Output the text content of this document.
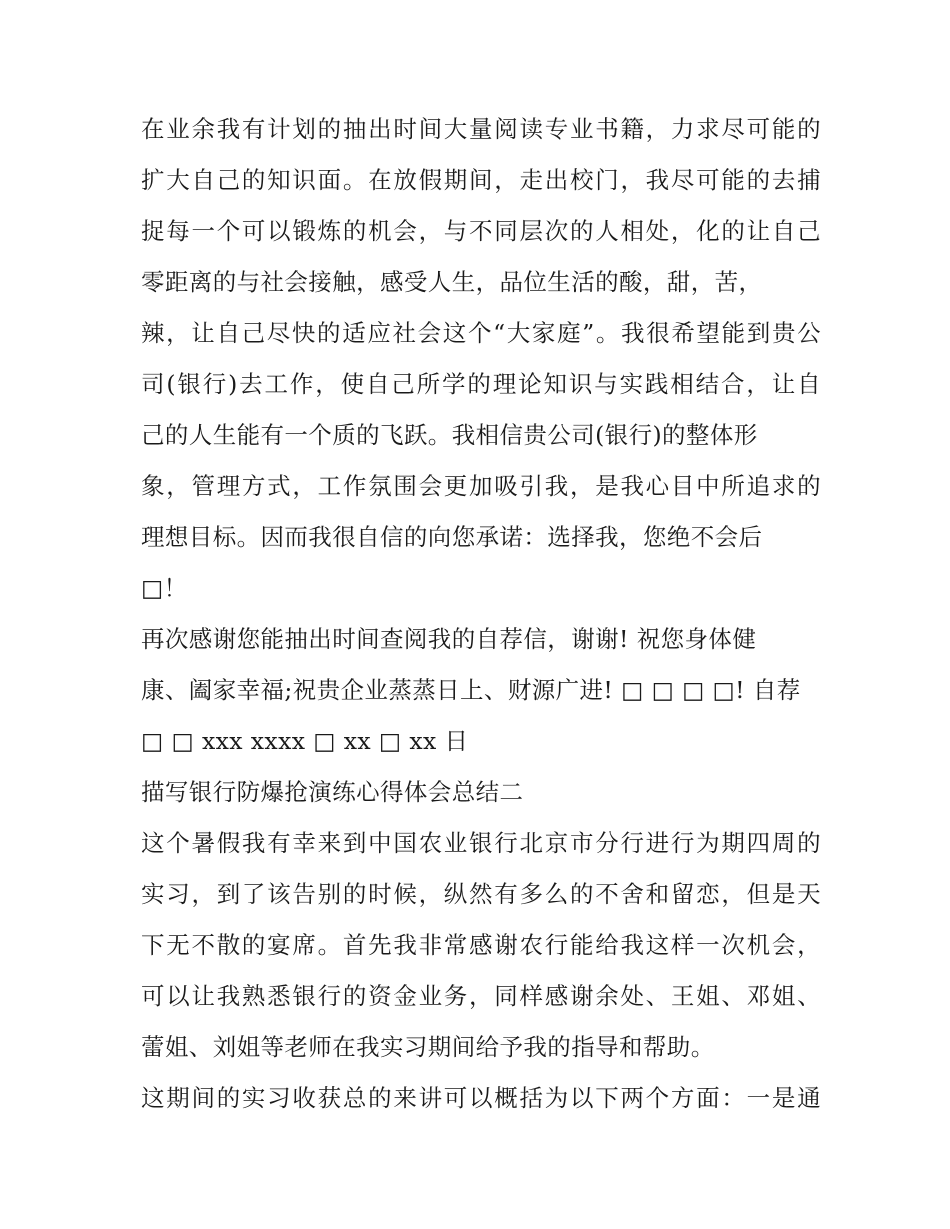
在业余我有计划的抽出时间大量阅读专业书籍，力求尽可能的
扩大自己的知识面。在放假期间，走出校门，我尽可能的去捕
捉每一个可以锻炼的机会，与不同层次的人相处，化的让自己
零距离的与社会接触，感受人生，品位生活的酸，甜，苦，
辣，让自己尽快的适应社会这个“大家庭”。我很希望能到贵公
司(银行)去工作，使自己所学的理论知识与实践相结合，让自
己的人生能有一个质的飞跃。我相信贵公司(银行)的整体形
象，管理方式，工作氛围会更加吸引我，是我心目中所追求的
理想目标。因而我很自信的向您承诺：选择我，您绝不会后
□！
再次感谢您能抽出时间查阅我的自荐信，谢谢! 祝您身体健
康、阖家幸福;祝贵企业蒸蒸日上、财源广进! □ □ □ □! 自荐
□ □ xxx xxxx □ xx □ xx 日
描写银行防爆抢演练心得体会总结二
这个暑假我有幸来到中国农业银行北京市分行进行为期四周的
实习，到了该告别的时候，纵然有多么的不舍和留恋，但是天
下无不散的宴席。首先我非常感谢农行能给我这样一次机会，
可以让我熟悉银行的资金业务，同样感谢余处、王姐、邓姐、
蕾姐、刘姐等老师在我实习期间给予我的指导和帮助。
这期间的实习收获总的来讲可以概括为以下两个方面：一是通
